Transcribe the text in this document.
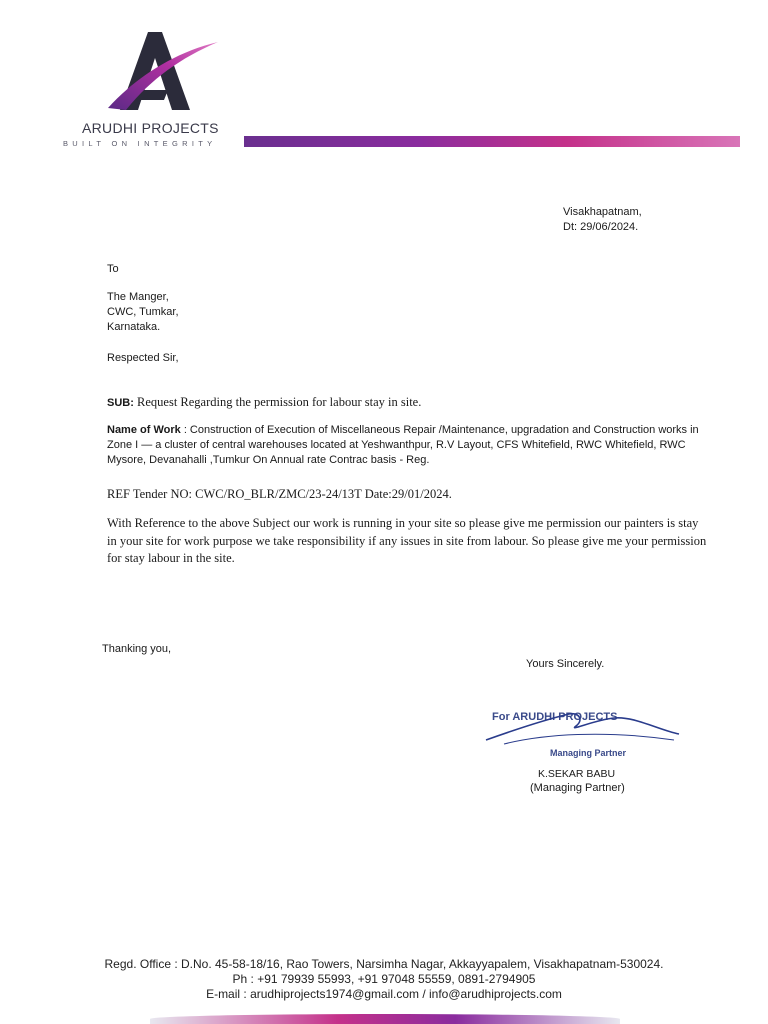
ARUDHI PROJECTS
BUILT ON INTEGRITY
Visakhapatnam,
Dt: 29/06/2024.
To
The Manger,
CWC, Tumkar,
Karnataka.
Respected Sir,
SUB: Request Regarding the permission for labour stay in site.
Name of Work : Construction of Execution of Miscellaneous Repair /Maintenance, upgradation and Construction works in Zone I — a cluster of central warehouses located at Yeshwanthpur, R.V Layout, CFS Whitefield, RWC Whitefield, RWC Mysore, Devanahalli ,Tumkur On Annual rate Contrac basis - Reg.
REF Tender NO: CWC/RO_BLR/ZMC/23-24/13T Date:29/01/2024.
With Reference to the above Subject our work is running in your site so please give me permission our painters is stay in your site for work purpose we take responsibility if any issues in site from labour. So please give me your permission for stay labour in the site.
Thanking you,
Yours Sincerely.
For ARUDHI PROJECTS
Managing Partner
K.SEKAR BABU
(Managing Partner)
Regd. Office : D.No. 45-58-18/16, Rao Towers, Narsimha Nagar, Akkayyapalem, Visakhapatnam-530024.
Ph : +91 79939 55993, +91 97048 55559, 0891-2794905
E-mail : arudhiprojects1974@gmail.com / info@arudhiprojects.com
